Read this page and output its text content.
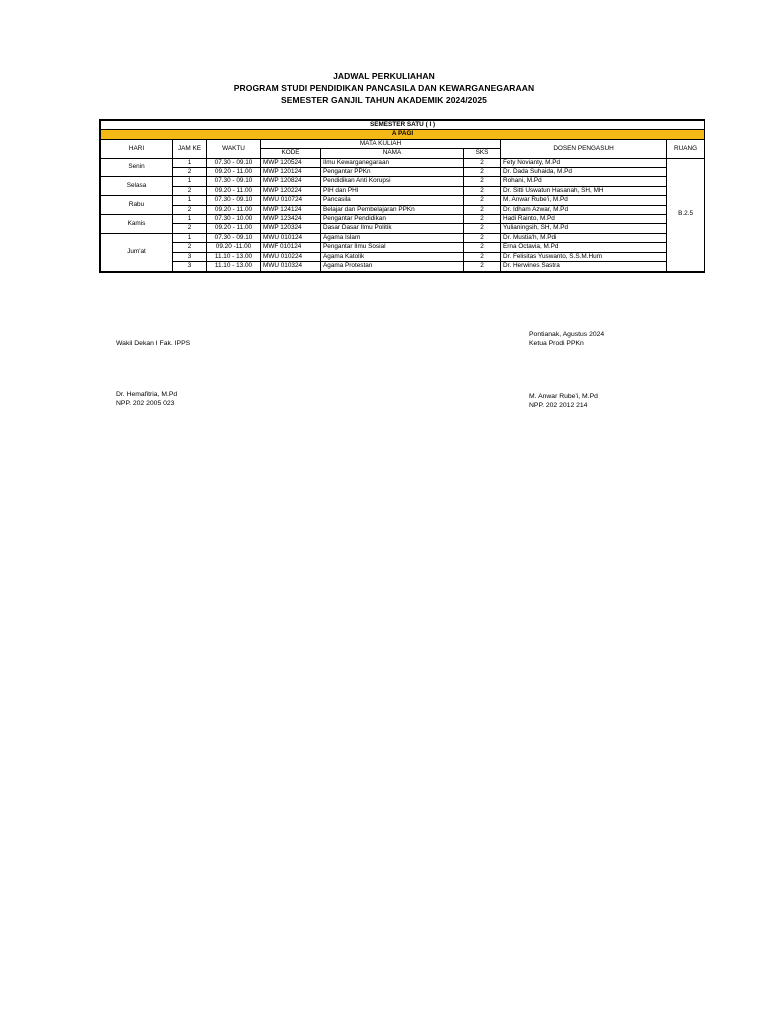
JADWAL PERKULIAHAN
PROGRAM STUDI PENDIDIKAN PANCASILA DAN KEWARGANEGARAAN
SEMESTER GANJIL TAHUN AKADEMIK 2024/2025
SEMESTER SATU ( I )							
A PAGI							
HARI	JAM KE	WAKTU	MATA KULIAH			DOSEN PENGASUH	RUANG
			KODE	NAMA	SKS		
Senin	1	07.30 - 09.10	MWP 120524	Ilmu Kewarganegaraan	2	Fety Novianty, M.Pd	B.2.5
	2	09.20 - 11.00	MWP 120124	Pengantar PPKn	2	Dr. Dada Suhaida, M.Pd	
Selasa	1	07.30 - 09.10	MWP 120824	Pendidikan Anti Korupsi	2	Rohani, M.Pd	
	2	09.20 - 11.00	MWP 120224	PIH dan PHI	2	Dr. Sitti Uswatun Hasanah, SH, MH	
Rabu	1	07.30 - 09.10	MWU 010724	Pancasila	2	M. Anwar Rube'i, M.Pd	
	2	09.20 - 11.00	MWP 124124	Belajar dan Pembelajaran PPKn	2	Dr. Idham Azwar, M.Pd	
Kamis	1	07.30 - 10.00	MWP 123424	Pengantar Pendidikan	2	Hadi Rainto, M.Pd	
	2	09.20 - 11.00	MWP 120324	Dasar Dasar Ilmu Politik	2	Yulianingsih, SH, M.Pd	
Jum'at	1	07.30 - 09.10	MWU 010124	Agama Islam	2	Dr. Mustia'h, M.Pdi	
	2	09.20 -11.00	MWF 010124	Pengantar Ilmu Sosial	2	Erna Octavia, M.Pd	
	3	11.10 - 13.00	MWU 010224	Agama Katolik	2	Dr. Felisitas Yuswanto, S.S.M.Hum	
	3	11.10 - 13.00	MWU 010324	Agama Protestan	2	Dr. Herwines Sastra	
Wakil Dekan I Fak. IPPS
Dr. Hemafitria, M.Pd
NPP. 202 2005 023
Pontianak, Agustus 2024
Ketua Prodi PPKn
M. Anwar Rube'i, M.Pd
NPP. 202 2012 214
